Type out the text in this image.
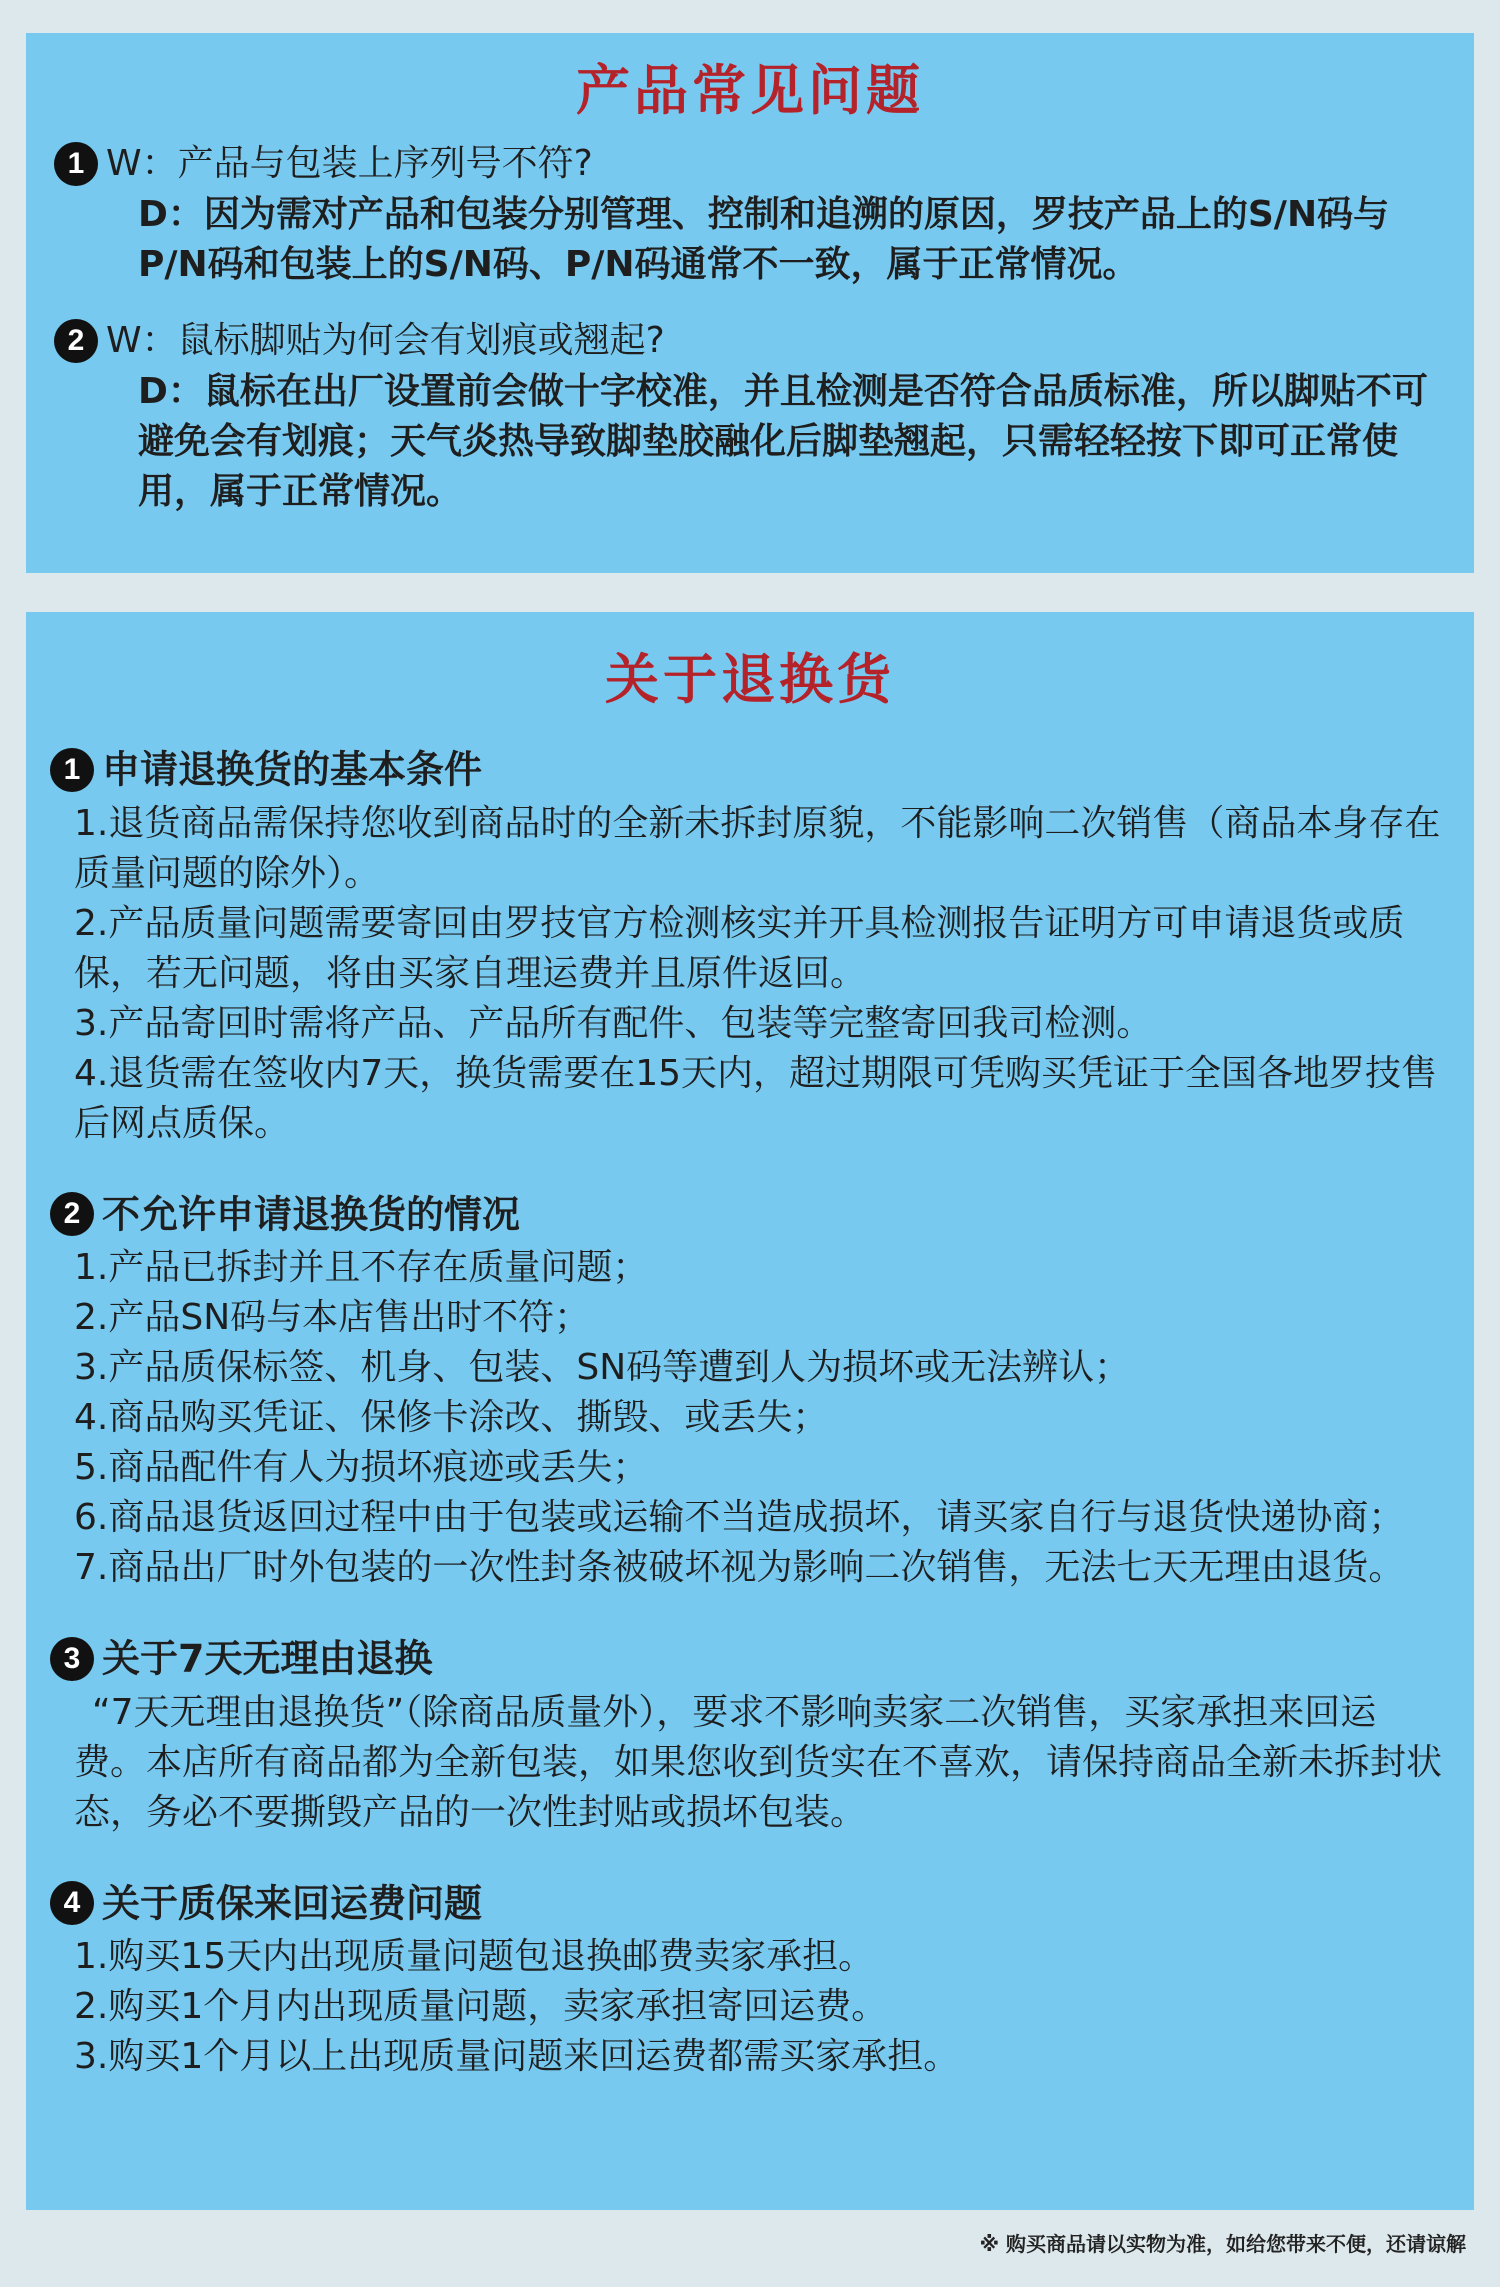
产品常见问题
1 W：产品与包装上序列号不符?
D：因为需对产品和包装分别管理、控制和追溯的原因，罗技产品上的S/N码与P/N码和包装上的S/N码、P/N码通常不一致，属于正常情况。
2 W：鼠标脚贴为何会有划痕或翘起?
D：鼠标在出厂设置前会做十字校准，并且检测是否符合品质标准，所以脚贴不可避免会有划痕；天气炎热导致脚垫胶融化后脚垫翘起，只需轻轻按下即可正常使用，属于正常情况。
关于退换货
1 申请退换货的基本条件

1.退货商品需保持您收到商品时的全新未拆封原貌，不能影响二次销售（商品本身存在质量问题的除外）。

2.产品质量问题需要寄回由罗技官方检测核实并开具检测报告证明方可申请退货或质保，若无问题，将由买家自理运费并且原件返回。

3.产品寄回时需将产品、产品所有配件、包装等完整寄回我司检测。

4.退货需在签收内7天，换货需要在15天内，超过期限可凭购买凭证于全国各地罗技售后网点质保。

2 不允许申请退换货的情况

1.产品已拆封并且不存在质量问题；

2.产品SN码与本店售出时不符；

3.产品质保标签、机身、包装、SN码等遭到人为损坏或无法辨认；

4.商品购买凭证、保修卡涂改、撕毁、或丢失；

5.商品配件有人为损坏痕迹或丢失；

6.商品退货返回过程中由于包装或运输不当造成损坏，请买家自行与退货快递协商；

7.商品出厂时外包装的一次性封条被破坏视为影响二次销售，无法七天无理由退货。

3 关于7天无理由退换
“7天无理由退换货”（除商品质量外），要求不影响卖家二次销售，买家承担来回运费。本店所有商品都为全新包装，如果您收到货实在不喜欢，请保持商品全新未拆封状态，务必不要撕毁产品的一次性封贴或损坏包装。
4 关于质保来回运费问题

1.购买15天内出现质量问题包退换邮费卖家承担。

2.购买1个月内出现质量问题，卖家承担寄回运费。

3.购买1个月以上出现质量问题来回运费都需买家承担。

※ 购买商品请以实物为准，如给您带来不便，还请谅解
